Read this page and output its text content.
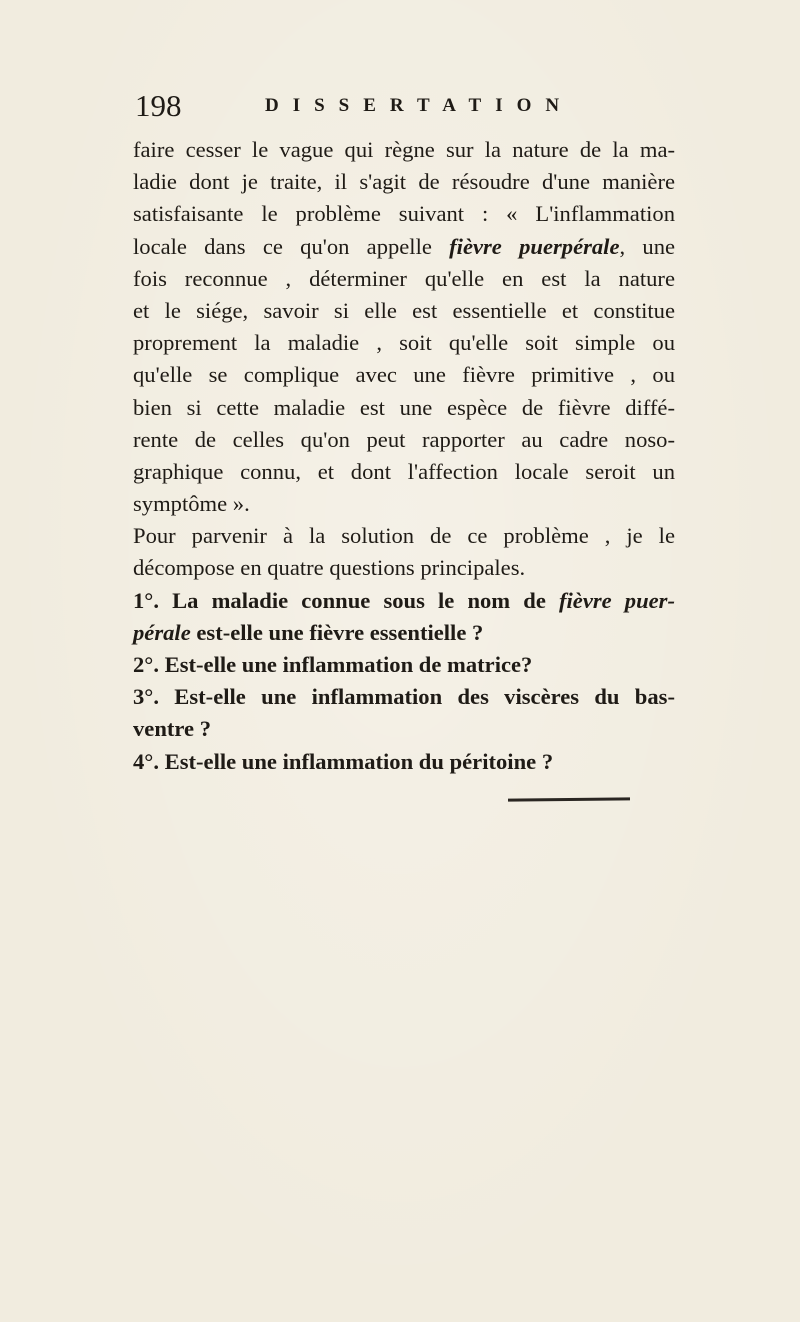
198	DISSERTATION
faire cesser le vague qui règne sur la nature de la ma-
ladie dont je traite, il s'agit de résoudre d'une manière
satisfaisante le problème suivant : « L'inflammation
locale dans ce qu'on appelle fièvre puerpérale, une
fois reconnue , déterminer qu'elle en est la nature
et le siége, savoir si elle est essentielle et constitue
proprement la maladie , soit qu'elle soit simple ou
qu'elle se complique avec une fièvre primitive , ou
bien si cette maladie est une espèce de fièvre diffé-
rente de celles qu'on peut rapporter au cadre noso-
graphique connu, et dont l'affection locale seroit un
symptôme ».
Pour parvenir à la solution de ce problème , je le
décompose en quatre questions principales.
1°. La maladie connue sous le nom de fièvre puer-
pérale est-elle une fièvre essentielle ?
2°. Est-elle une inflammation de matrice?
3°. Est-elle une inflammation des viscères du bas-
ventre ?
4°. Est-elle une inflammation du péritoine ?
